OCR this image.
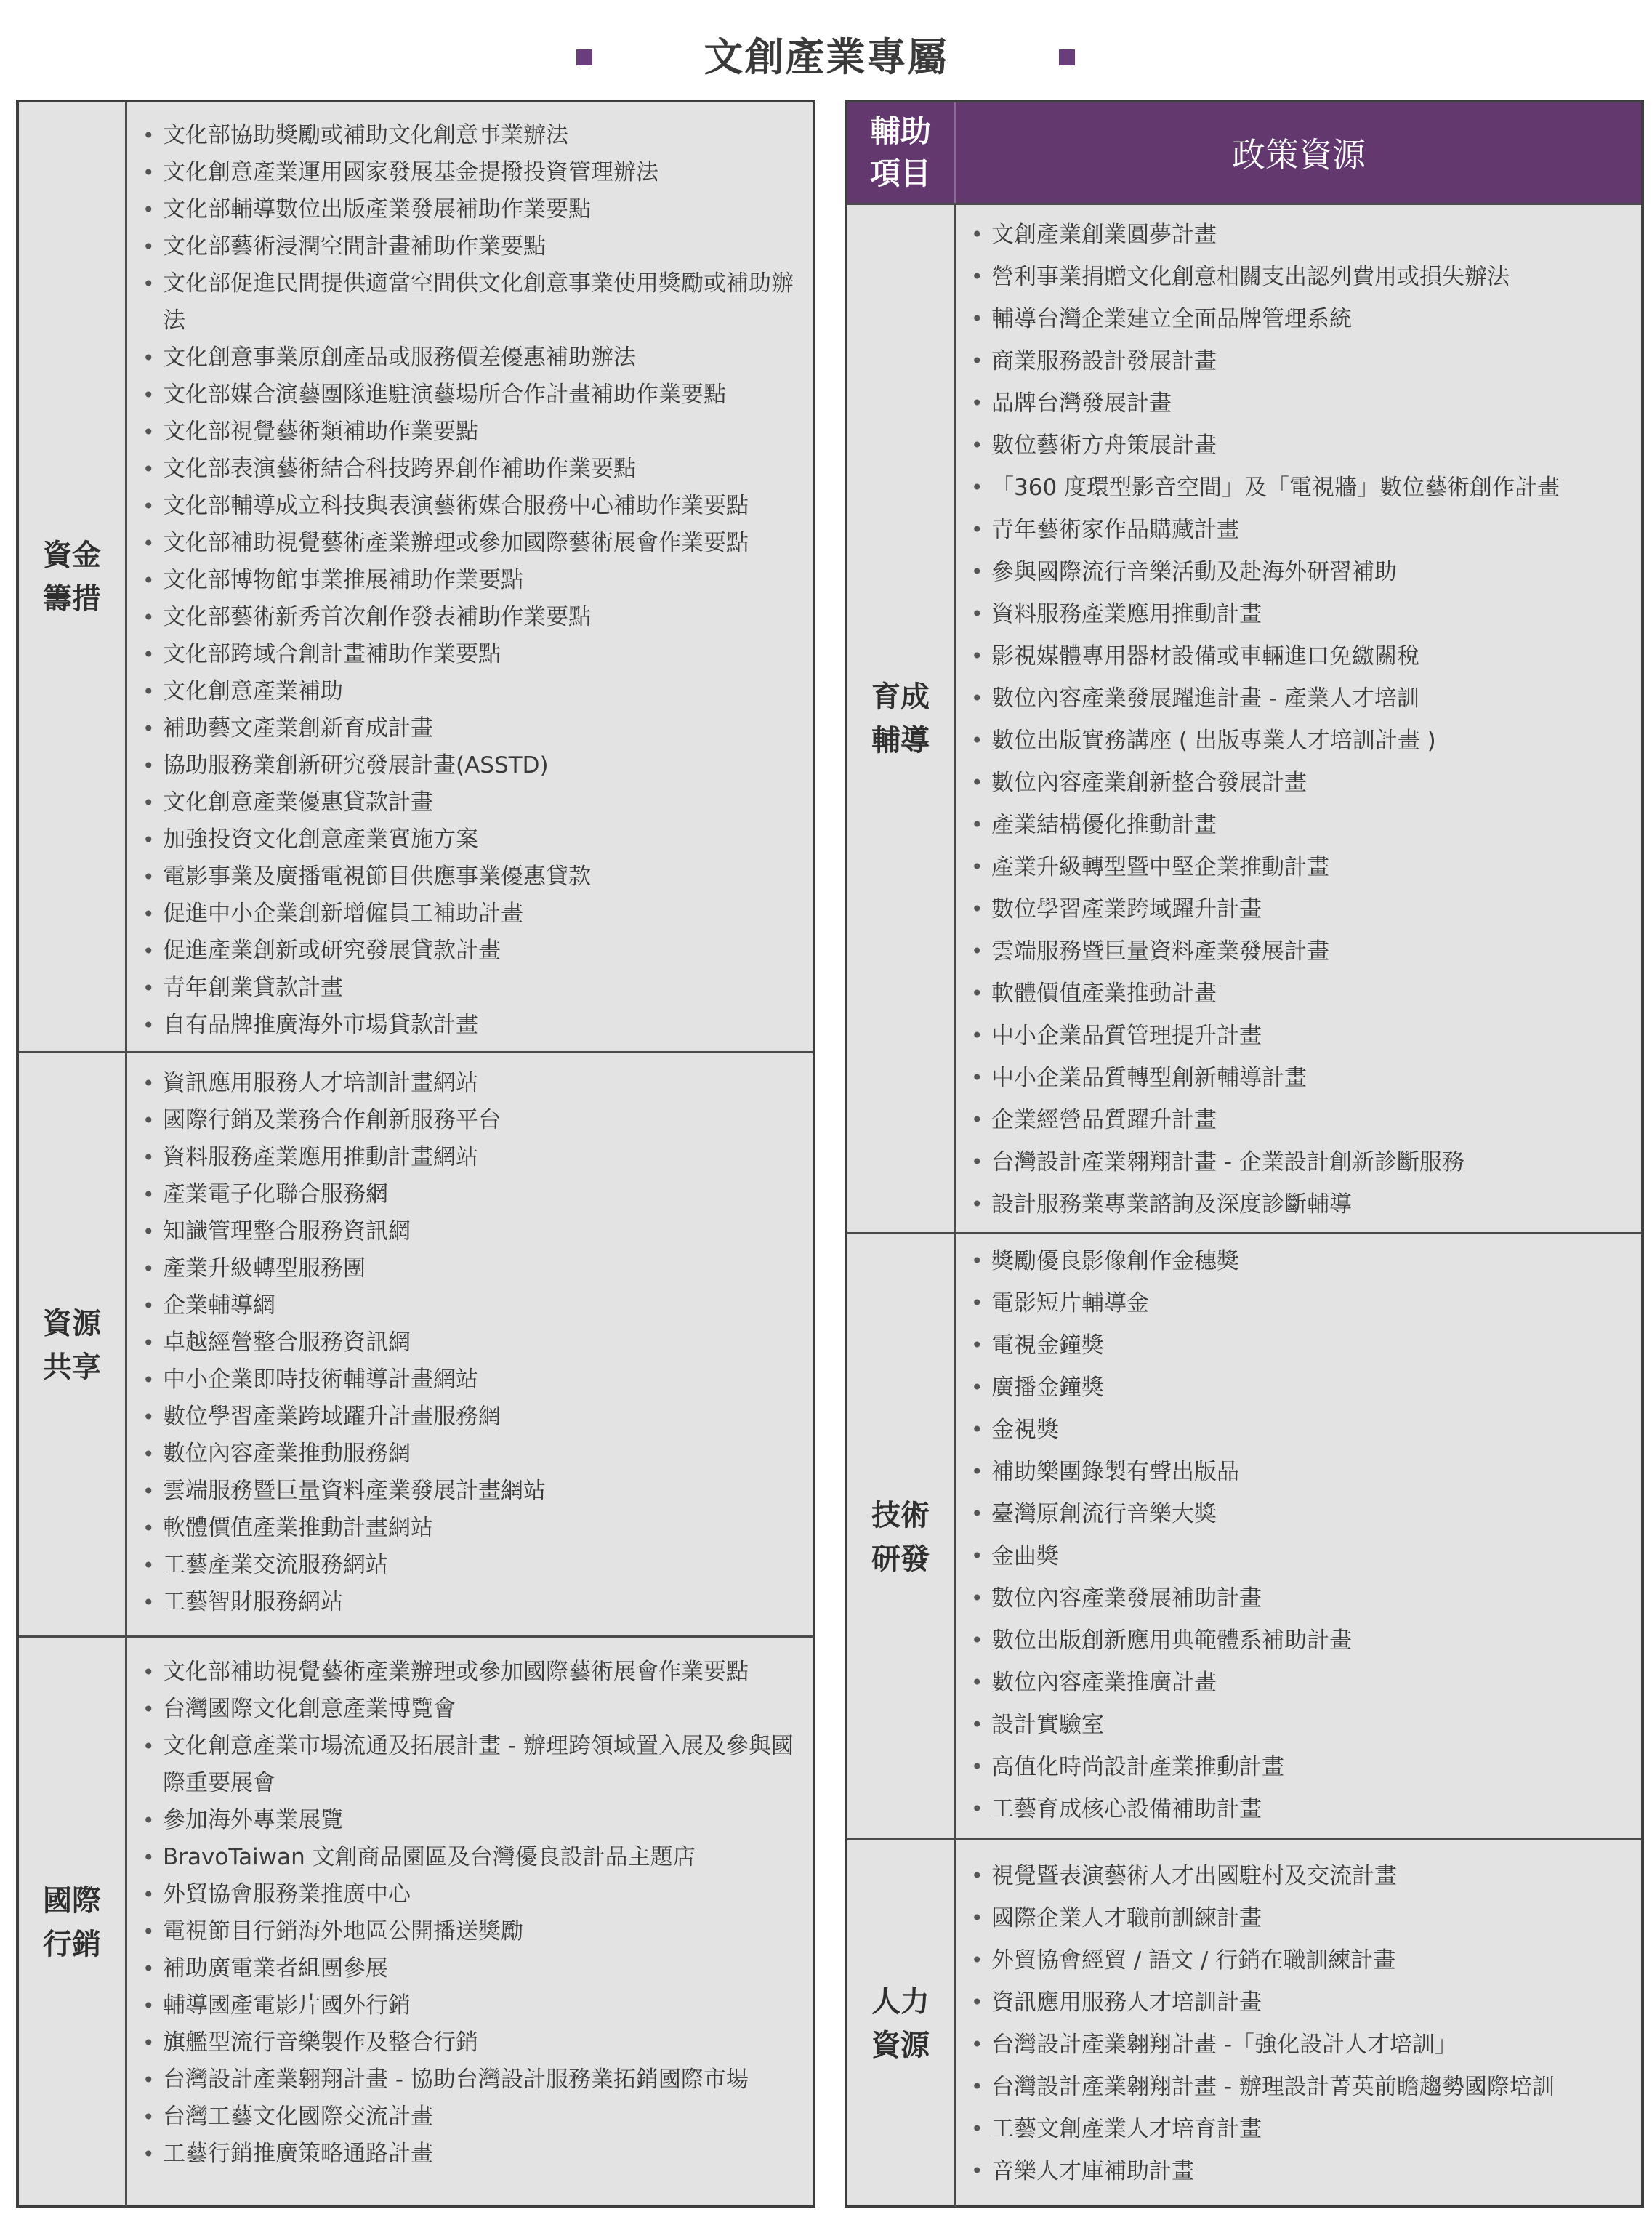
文創產業專屬
資金
籌措
• 文化部協助獎勵或補助文化創意事業辦法
• 文化創意產業運用國家發展基金提撥投資管理辦法
• 文化部輔導數位出版產業發展補助作業要點
• 文化部藝術浸潤空間計畫補助作業要點
• 文化部促進民間提供適當空間供文化創意事業使用獎勵或補助辦法
• 文化創意事業原創產品或服務價差優惠補助辦法
• 文化部媒合演藝團隊進駐演藝場所合作計畫補助作業要點
• 文化部視覺藝術類補助作業要點
• 文化部表演藝術結合科技跨界創作補助作業要點
• 文化部輔導成立科技與表演藝術媒合服務中心補助作業要點
• 文化部補助視覺藝術產業辦理或參加國際藝術展會作業要點
• 文化部博物館事業推展補助作業要點
• 文化部藝術新秀首次創作發表補助作業要點
• 文化部跨域合創計畫補助作業要點
• 文化創意產業補助
• 補助藝文產業創新育成計畫
• 協助服務業創新研究發展計畫(ASSTD)
• 文化創意產業優惠貸款計畫
• 加強投資文化創意產業實施方案
• 電影事業及廣播電視節目供應事業優惠貸款
• 促進中小企業創新增僱員工補助計畫
• 促進產業創新或研究發展貸款計畫
• 青年創業貸款計畫
• 自有品牌推廣海外市場貸款計畫
資源
共享
• 資訊應用服務人才培訓計畫網站
• 國際行銷及業務合作創新服務平台
• 資料服務產業應用推動計畫網站
• 產業電子化聯合服務網
• 知識管理整合服務資訊網
• 產業升級轉型服務團
• 企業輔導網
• 卓越經營整合服務資訊網
• 中小企業即時技術輔導計畫網站
• 數位學習產業跨域躍升計畫服務網
• 數位內容產業推動服務網
• 雲端服務暨巨量資料產業發展計畫網站
• 軟體價值產業推動計畫網站
• 工藝產業交流服務網站
• 工藝智財服務網站
國際
行銷
• 文化部補助視覺藝術產業辦理或參加國際藝術展會作業要點
• 台灣國際文化創意產業博覽會
• 文化創意產業市場流通及拓展計畫 - 辦理跨領域置入展及參與國際重要展會
• 參加海外專業展覽
• BravoTaiwan 文創商品園區及台灣優良設計品主題店
• 外貿協會服務業推廣中心
• 電視節目行銷海外地區公開播送獎勵
• 補助廣電業者組團參展
• 輔導國產電影片國外行銷
• 旗艦型流行音樂製作及整合行銷
• 台灣設計產業翱翔計畫 - 協助台灣設計服務業拓銷國際市場
• 台灣工藝文化國際交流計畫
• 工藝行銷推廣策略通路計畫
輔助
項目	政策資源
育成
輔導
• 文創產業創業圓夢計畫
• 營利事業捐贈文化創意相關支出認列費用或損失辦法
• 輔導台灣企業建立全面品牌管理系統
• 商業服務設計發展計畫
• 品牌台灣發展計畫
• 數位藝術方舟策展計畫
• 「360 度環型影音空間」及「電視牆」數位藝術創作計畫
• 青年藝術家作品購藏計畫
• 參與國際流行音樂活動及赴海外研習補助
• 資料服務產業應用推動計畫
• 影視媒體專用器材設備或車輛進口免繳關稅
• 數位內容產業發展躍進計畫 - 產業人才培訓
• 數位出版實務講座 ( 出版專業人才培訓計畫 )
• 數位內容產業創新整合發展計畫
• 產業結構優化推動計畫
• 產業升級轉型暨中堅企業推動計畫
• 數位學習產業跨域躍升計畫
• 雲端服務暨巨量資料產業發展計畫
• 軟體價值產業推動計畫
• 中小企業品質管理提升計畫
• 中小企業品質轉型創新輔導計畫
• 企業經營品質躍升計畫
• 台灣設計產業翱翔計畫 - 企業設計創新診斷服務
• 設計服務業專業諮詢及深度診斷輔導
技術
研發
• 獎勵優良影像創作金穗獎
• 電影短片輔導金
• 電視金鐘獎
• 廣播金鐘獎
• 金視獎
• 補助樂團錄製有聲出版品
• 臺灣原創流行音樂大獎
• 金曲獎
• 數位內容產業發展補助計畫
• 數位出版創新應用典範體系補助計畫
• 數位內容產業推廣計畫
• 設計實驗室
• 高值化時尚設計產業推動計畫
• 工藝育成核心設備補助計畫
人力
資源
• 視覺暨表演藝術人才出國駐村及交流計畫
• 國際企業人才職前訓練計畫
• 外貿協會經貿 / 語文 / 行銷在職訓練計畫
• 資訊應用服務人才培訓計畫
• 台灣設計產業翱翔計畫 -「強化設計人才培訓」
• 台灣設計產業翱翔計畫 - 辦理設計菁英前瞻趨勢國際培訓
• 工藝文創產業人才培育計畫
• 音樂人才庫補助計畫
